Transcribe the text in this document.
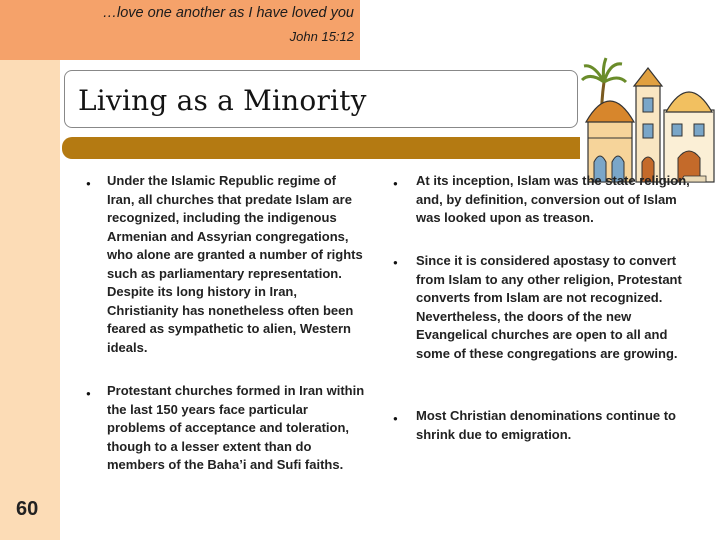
…love one another as I have loved you
John 15:12
Living as a Minority
● Under the Islamic Republic regime of Iran, all churches that predate Islam are recognized, including the indigenous Armenian and Assyrian congregations, who alone are granted a number of rights such as parliamentary representation. Despite its long history in Iran, Christianity has nonetheless often been feared as sympathetic to alien, Western ideals.

● Protestant churches formed in Iran within the last 150 years face particular problems of acceptance and toleration, though to a lesser extent than do members of the Baha’i and Sufi faiths.

● At its inception, Islam was the state religion, and, by definition, conversion out of Islam was looked upon as treason.

● Since it is considered apostasy to convert from Islam to any other religion, Protestant converts from Islam are not recognized. Nevertheless, the doors of the new Evangelical churches are open to all and some of these congregations are growing.

● Most Christian denominations continue to shrink due to emigration.

60
